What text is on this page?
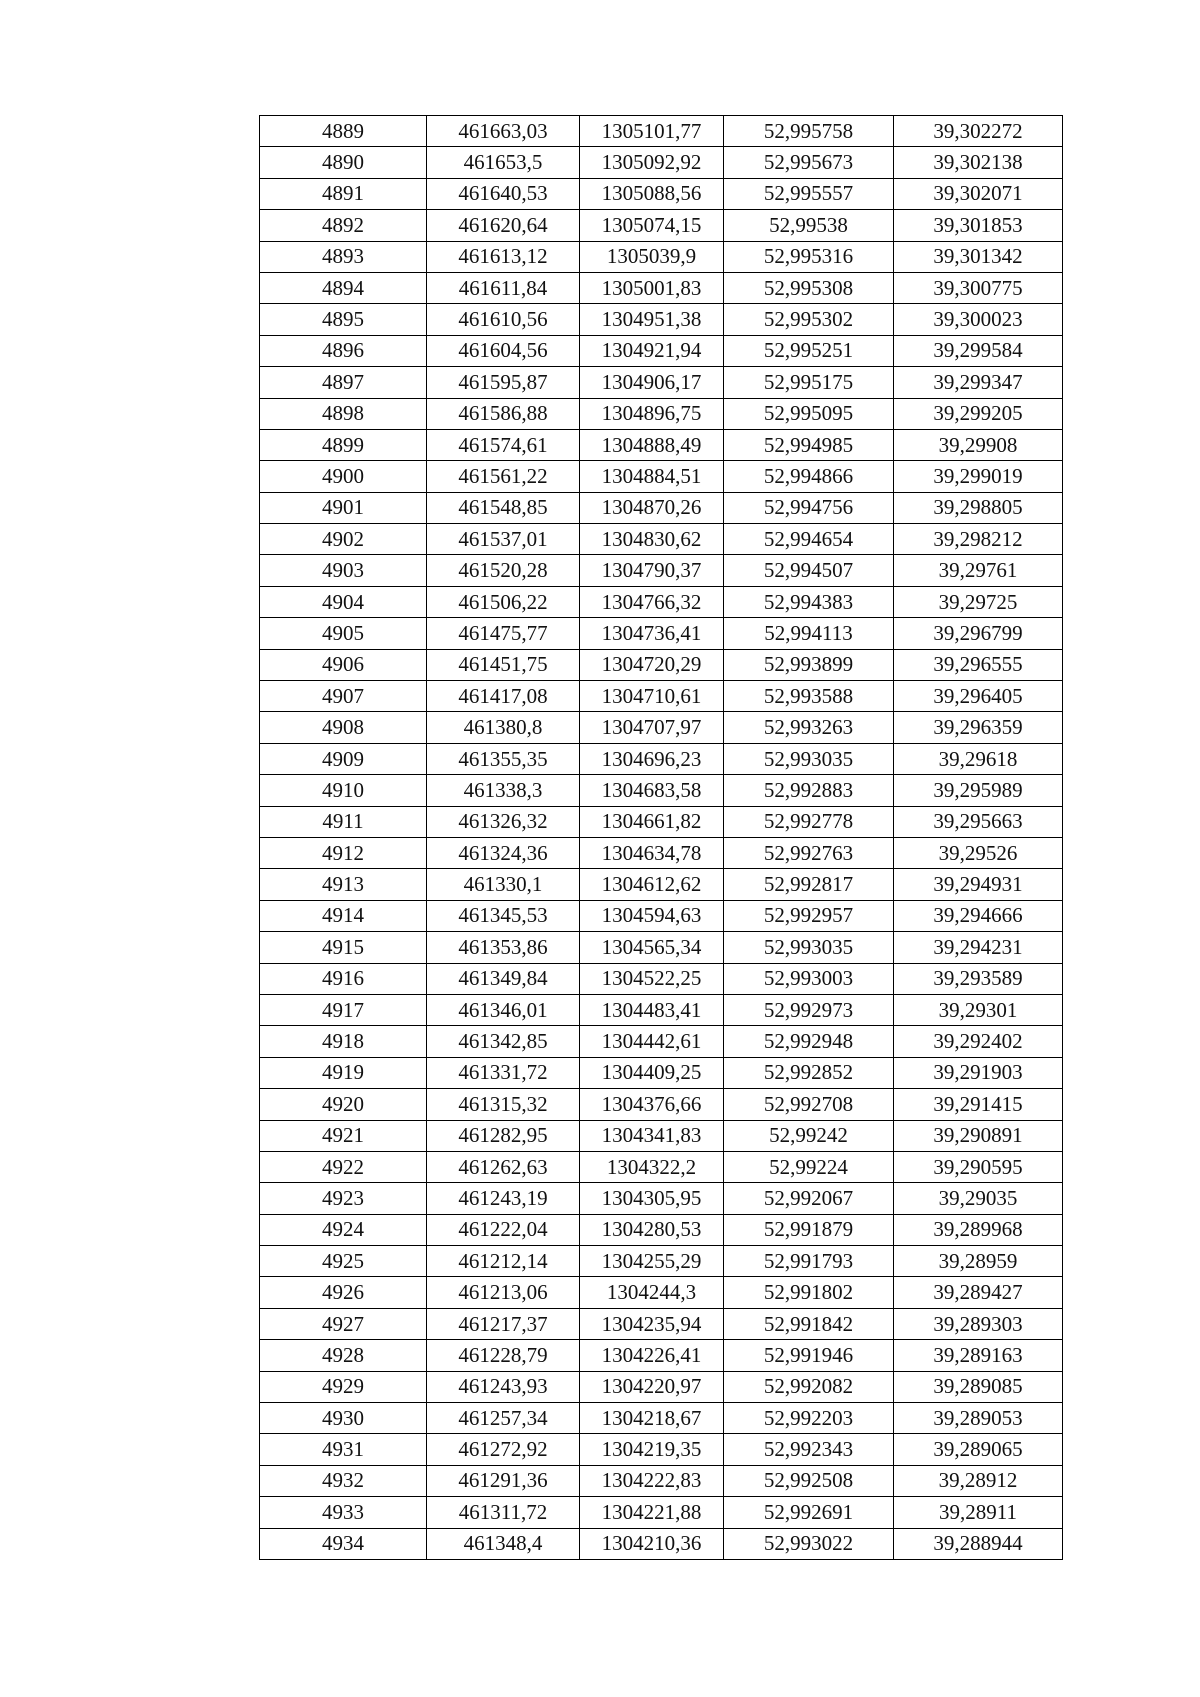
4889	461663,03	1305101,77	52,995758	39,302272
4890	461653,5	1305092,92	52,995673	39,302138
4891	461640,53	1305088,56	52,995557	39,302071
4892	461620,64	1305074,15	52,99538	39,301853
4893	461613,12	1305039,9	52,995316	39,301342
4894	461611,84	1305001,83	52,995308	39,300775
4895	461610,56	1304951,38	52,995302	39,300023
4896	461604,56	1304921,94	52,995251	39,299584
4897	461595,87	1304906,17	52,995175	39,299347
4898	461586,88	1304896,75	52,995095	39,299205
4899	461574,61	1304888,49	52,994985	39,29908
4900	461561,22	1304884,51	52,994866	39,299019
4901	461548,85	1304870,26	52,994756	39,298805
4902	461537,01	1304830,62	52,994654	39,298212
4903	461520,28	1304790,37	52,994507	39,29761
4904	461506,22	1304766,32	52,994383	39,29725
4905	461475,77	1304736,41	52,994113	39,296799
4906	461451,75	1304720,29	52,993899	39,296555
4907	461417,08	1304710,61	52,993588	39,296405
4908	461380,8	1304707,97	52,993263	39,296359
4909	461355,35	1304696,23	52,993035	39,29618
4910	461338,3	1304683,58	52,992883	39,295989
4911	461326,32	1304661,82	52,992778	39,295663
4912	461324,36	1304634,78	52,992763	39,29526
4913	461330,1	1304612,62	52,992817	39,294931
4914	461345,53	1304594,63	52,992957	39,294666
4915	461353,86	1304565,34	52,993035	39,294231
4916	461349,84	1304522,25	52,993003	39,293589
4917	461346,01	1304483,41	52,992973	39,29301
4918	461342,85	1304442,61	52,992948	39,292402
4919	461331,72	1304409,25	52,992852	39,291903
4920	461315,32	1304376,66	52,992708	39,291415
4921	461282,95	1304341,83	52,99242	39,290891
4922	461262,63	1304322,2	52,99224	39,290595
4923	461243,19	1304305,95	52,992067	39,29035
4924	461222,04	1304280,53	52,991879	39,289968
4925	461212,14	1304255,29	52,991793	39,28959
4926	461213,06	1304244,3	52,991802	39,289427
4927	461217,37	1304235,94	52,991842	39,289303
4928	461228,79	1304226,41	52,991946	39,289163
4929	461243,93	1304220,97	52,992082	39,289085
4930	461257,34	1304218,67	52,992203	39,289053
4931	461272,92	1304219,35	52,992343	39,289065
4932	461291,36	1304222,83	52,992508	39,28912
4933	461311,72	1304221,88	52,992691	39,28911
4934	461348,4	1304210,36	52,993022	39,288944
